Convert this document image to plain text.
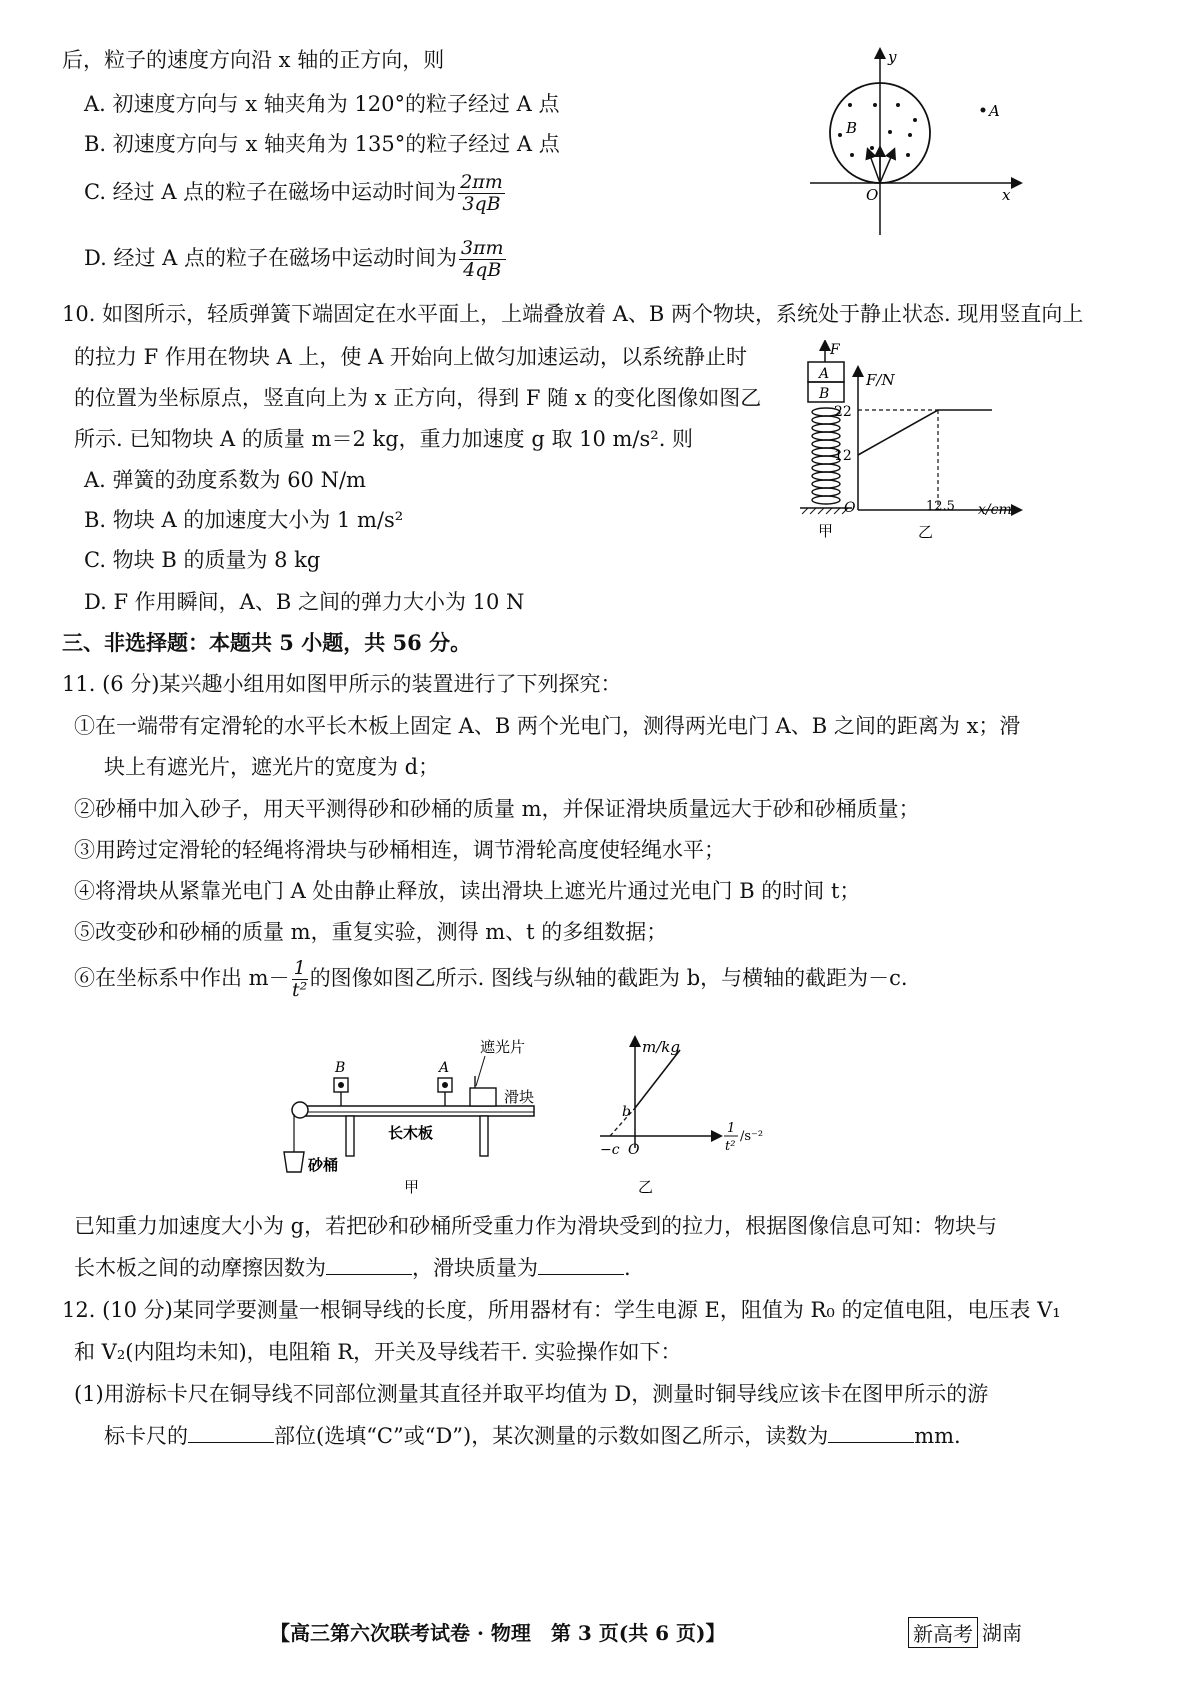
后，粒子的速度方向沿 x 轴的正方向，则
A. 初速度方向与 x 轴夹角为 120°的粒子经过 A 点
B. 初速度方向与 x 轴夹角为 135°的粒子经过 A 点
C. 经过 A 点的粒子在磁场中运动时间为 $\frac{2\pi m}{3qB}$
D. 经过 A 点的粒子在磁场中运动时间为 $\frac{3\pi m}{4qB}$
y
x
O
B
A
10. 如图所示，轻质弹簧下端固定在水平面上，上端叠放着 A、B 两个物块，系统处于静止状态. 现用竖直向上
的拉力 F 作用在物块 A 上，使 A 开始向上做匀加速运动，以系统静止时
的位置为坐标原点，竖直向上为 x 正方向，得到 F 随 x 的变化图像如图乙
所示. 已知物块 A 的质量 m＝2 kg，重力加速度 g 取 10 m/s². 则
A. 弹簧的劲度系数为 60 N/m
B. 物块 A 的加速度大小为 1 m/s²
C. 物块 B 的质量为 8 kg
D. F 作用瞬间，A、B 之间的弹力大小为 10 N
F
A
B
甲
F/N
x/cm
O
22
12
12.5
乙
三、非选择题：本题共 5 小题，共 56 分。
11. (6 分)某兴趣小组用如图甲所示的装置进行了下列探究：
①在一端带有定滑轮的水平长木板上固定 A、B 两个光电门，测得两光电门 A、B 之间的距离为 x；滑
块上有遮光片，遮光片的宽度为 d；
②砂桶中加入砂子，用天平测得砂和砂桶的质量 m，并保证滑块质量远大于砂和砂桶质量；
③用跨过定滑轮的轻绳将滑块与砂桶相连，调节滑轮高度使轻绳水平；
④将滑块从紧靠光电门 A 处由静止释放，读出滑块上遮光片通过光电门 B 的时间 t；
⑤改变砂和砂桶的质量 m，重复实验，测得 m、t 的多组数据；
⑥在坐标系中作出 $m- \frac{1}{\text{t²}}$ 的图像如图乙所示. 图线与纵轴的截距为 b，与横轴的截距为－c.
遮光片
滑块
长木板
B	A
砂桶
甲
m/kg
b
−c O
1
t²
/s⁻²
乙
已知重力加速度大小为 g，若把砂和砂桶所受重力作为滑块受到的拉力，根据图像信息可知：物块与
长木板之间的动摩擦因数为	，滑块质量为	.
12. (10 分)某同学要测量一根铜导线的长度，所用器材有：学生电源 E，阻值为 R₀ 的定值电阻，电压表 V₁
和 V₂(内阻均未知)，电阻箱 R，开关及导线若干. 实验操作如下：
(1)用游标卡尺在铜导线不同部位测量其直径并取平均值为 D，测量时铜导线应该卡在图甲所示的游
标卡尺的	部位(选填“C”或“D”)，某次测量的示数如图乙所示，读数为	mm.
【高三第六次联考试卷 · 物理　第 3 页(共 6 页)】	新高考 湖南
